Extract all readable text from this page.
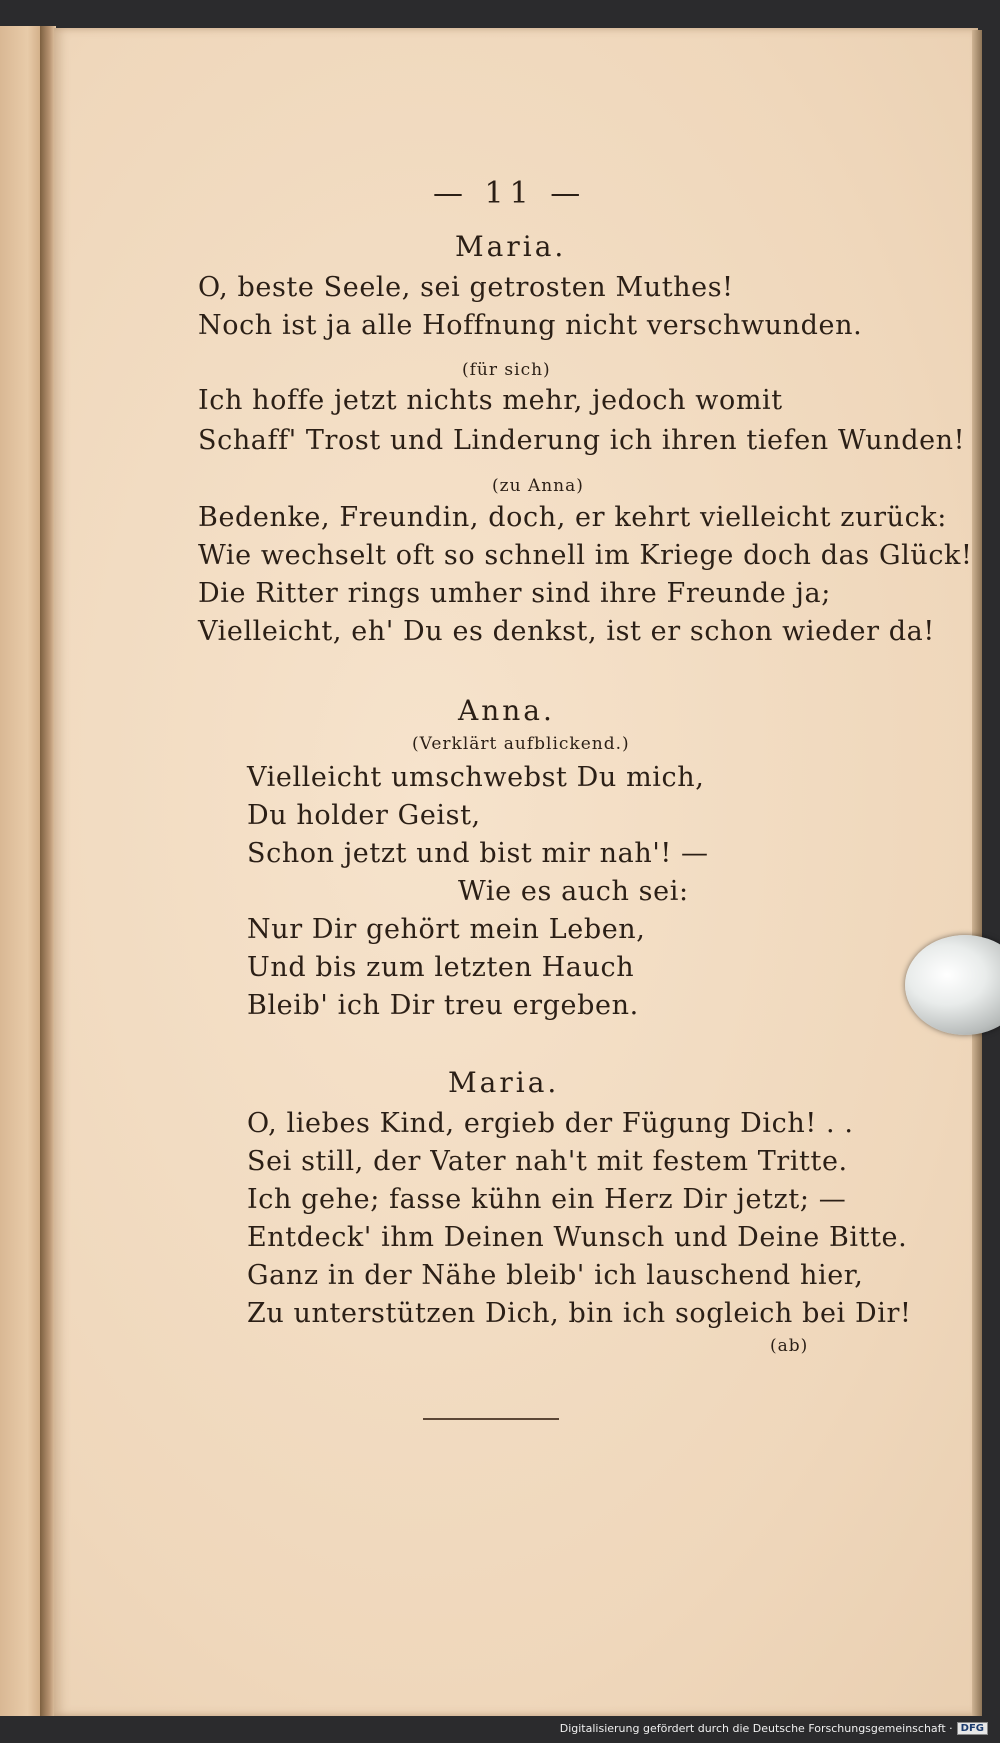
— 11 —
Maria.
O, beste Seele, sei getrosten Muthes!
Noch ist ja alle Hoffnung nicht verschwunden.
(für sich)
Ich hoffe jetzt nichts mehr, jedoch womit
Schaff' Trost und Linderung ich ihren tiefen Wunden!
(zu Anna)
Bedenke, Freundin, doch, er kehrt vielleicht zurück:
Wie wechselt oft so schnell im Kriege doch das Glück!
Die Ritter rings umher sind ihre Freunde ja;
Vielleicht, eh' Du es denkst, ist er schon wieder da!
Anna.
(Verklärt aufblickend.)
Vielleicht umschwebst Du mich,
Du holder Geist,
Schon jetzt und bist mir nah'! —
Wie es auch sei:
Nur Dir gehört mein Leben,
Und bis zum letzten Hauch
Bleib' ich Dir treu ergeben.
Maria.
O, liebes Kind, ergieb der Fügung Dich! . .
Sei still, der Vater nah't mit festem Tritte.
Ich gehe; fasse kühn ein Herz Dir jetzt; —
Entdeck' ihm Deinen Wunsch und Deine Bitte.
Ganz in der Nähe bleib' ich lauschend hier,
Zu unterstützen Dich, bin ich sogleich bei Dir!
(ab)
Digitalisierung gefördert durch die Deutsche Forschungsgemeinschaft · DFG
